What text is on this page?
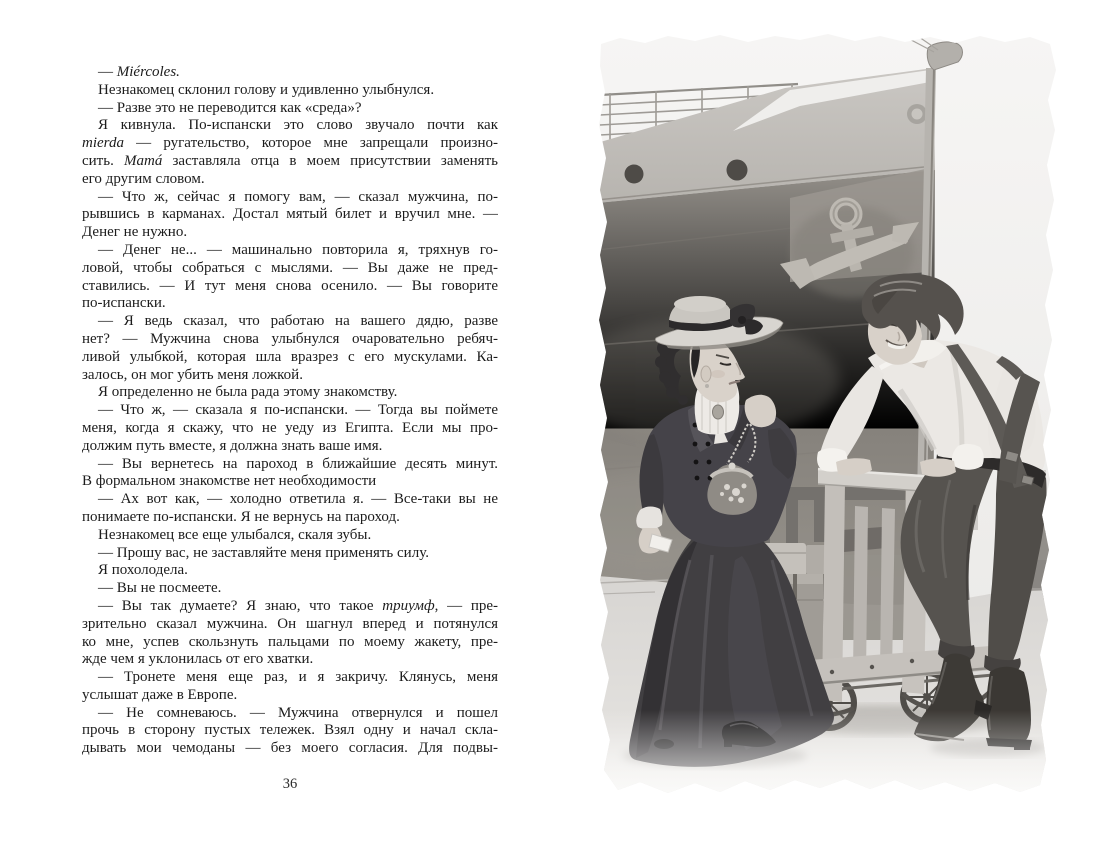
— Miércoles.
Незнакомец склонил голову и удивленно улыбнулся.
— Разве это не переводится как «среда»?
Я кивнула. По-испански это слово звучало почти как
mierda — ругательство, которое мне запрещали произно-
сить. Mamá заставляла отца в моем присутствии заменять
его другим словом.
— Что ж, сейчас я помогу вам, — сказал мужчина, по-
рывшись в карманах. Достал мятый билет и вручил мне. —
Денег не нужно.
— Денег не... — машинально повторила я, тряхнув го-
ловой, чтобы собраться с мыслями. — Вы даже не пред-
ставились. — И тут меня снова осенило. — Вы говорите
по-испански.
— Я ведь сказал, что работаю на вашего дядю, разве
нет? — Мужчина снова улыбнулся очаровательно ребяч-
ливой улыбкой, которая шла вразрез с его мускулами. Ка-
залось, он мог убить меня ложкой.
Я определенно не была рада этому знакомству.
— Что ж, — сказала я по-испански. — Тогда вы поймете
меня, когда я скажу, что не уеду из Египта. Если мы про-
должим путь вместе, я должна знать ваше имя.
— Вы вернетесь на пароход в ближайшие десять минут.
В формальном знакомстве нет необходимости
— Ах вот как, — холодно ответила я. — Все-таки вы не
понимаете по-испански. Я не вернусь на пароход.
Незнакомец все еще улыбался, скаля зубы.
— Прошу вас, не заставляйте меня применять силу.
Я похолодела.
— Вы не посмеете.
— Вы так думаете? Я знаю, что такое триумф, — пре-
зрительно сказал мужчина. Он шагнул вперед и потянулся
ко мне, успев скользнуть пальцами по моему жакету, пре-
жде чем я уклонилась от его хватки.
— Тронете меня еще раз, и я закричу. Клянусь, меня
услышат даже в Европе.
— Не сомневаюсь. — Мужчина отвернулся и пошел
прочь в сторону пустых тележек. Взял одну и начал скла-
дывать мои чемоданы — без моего согласия. Для подвы-
36
